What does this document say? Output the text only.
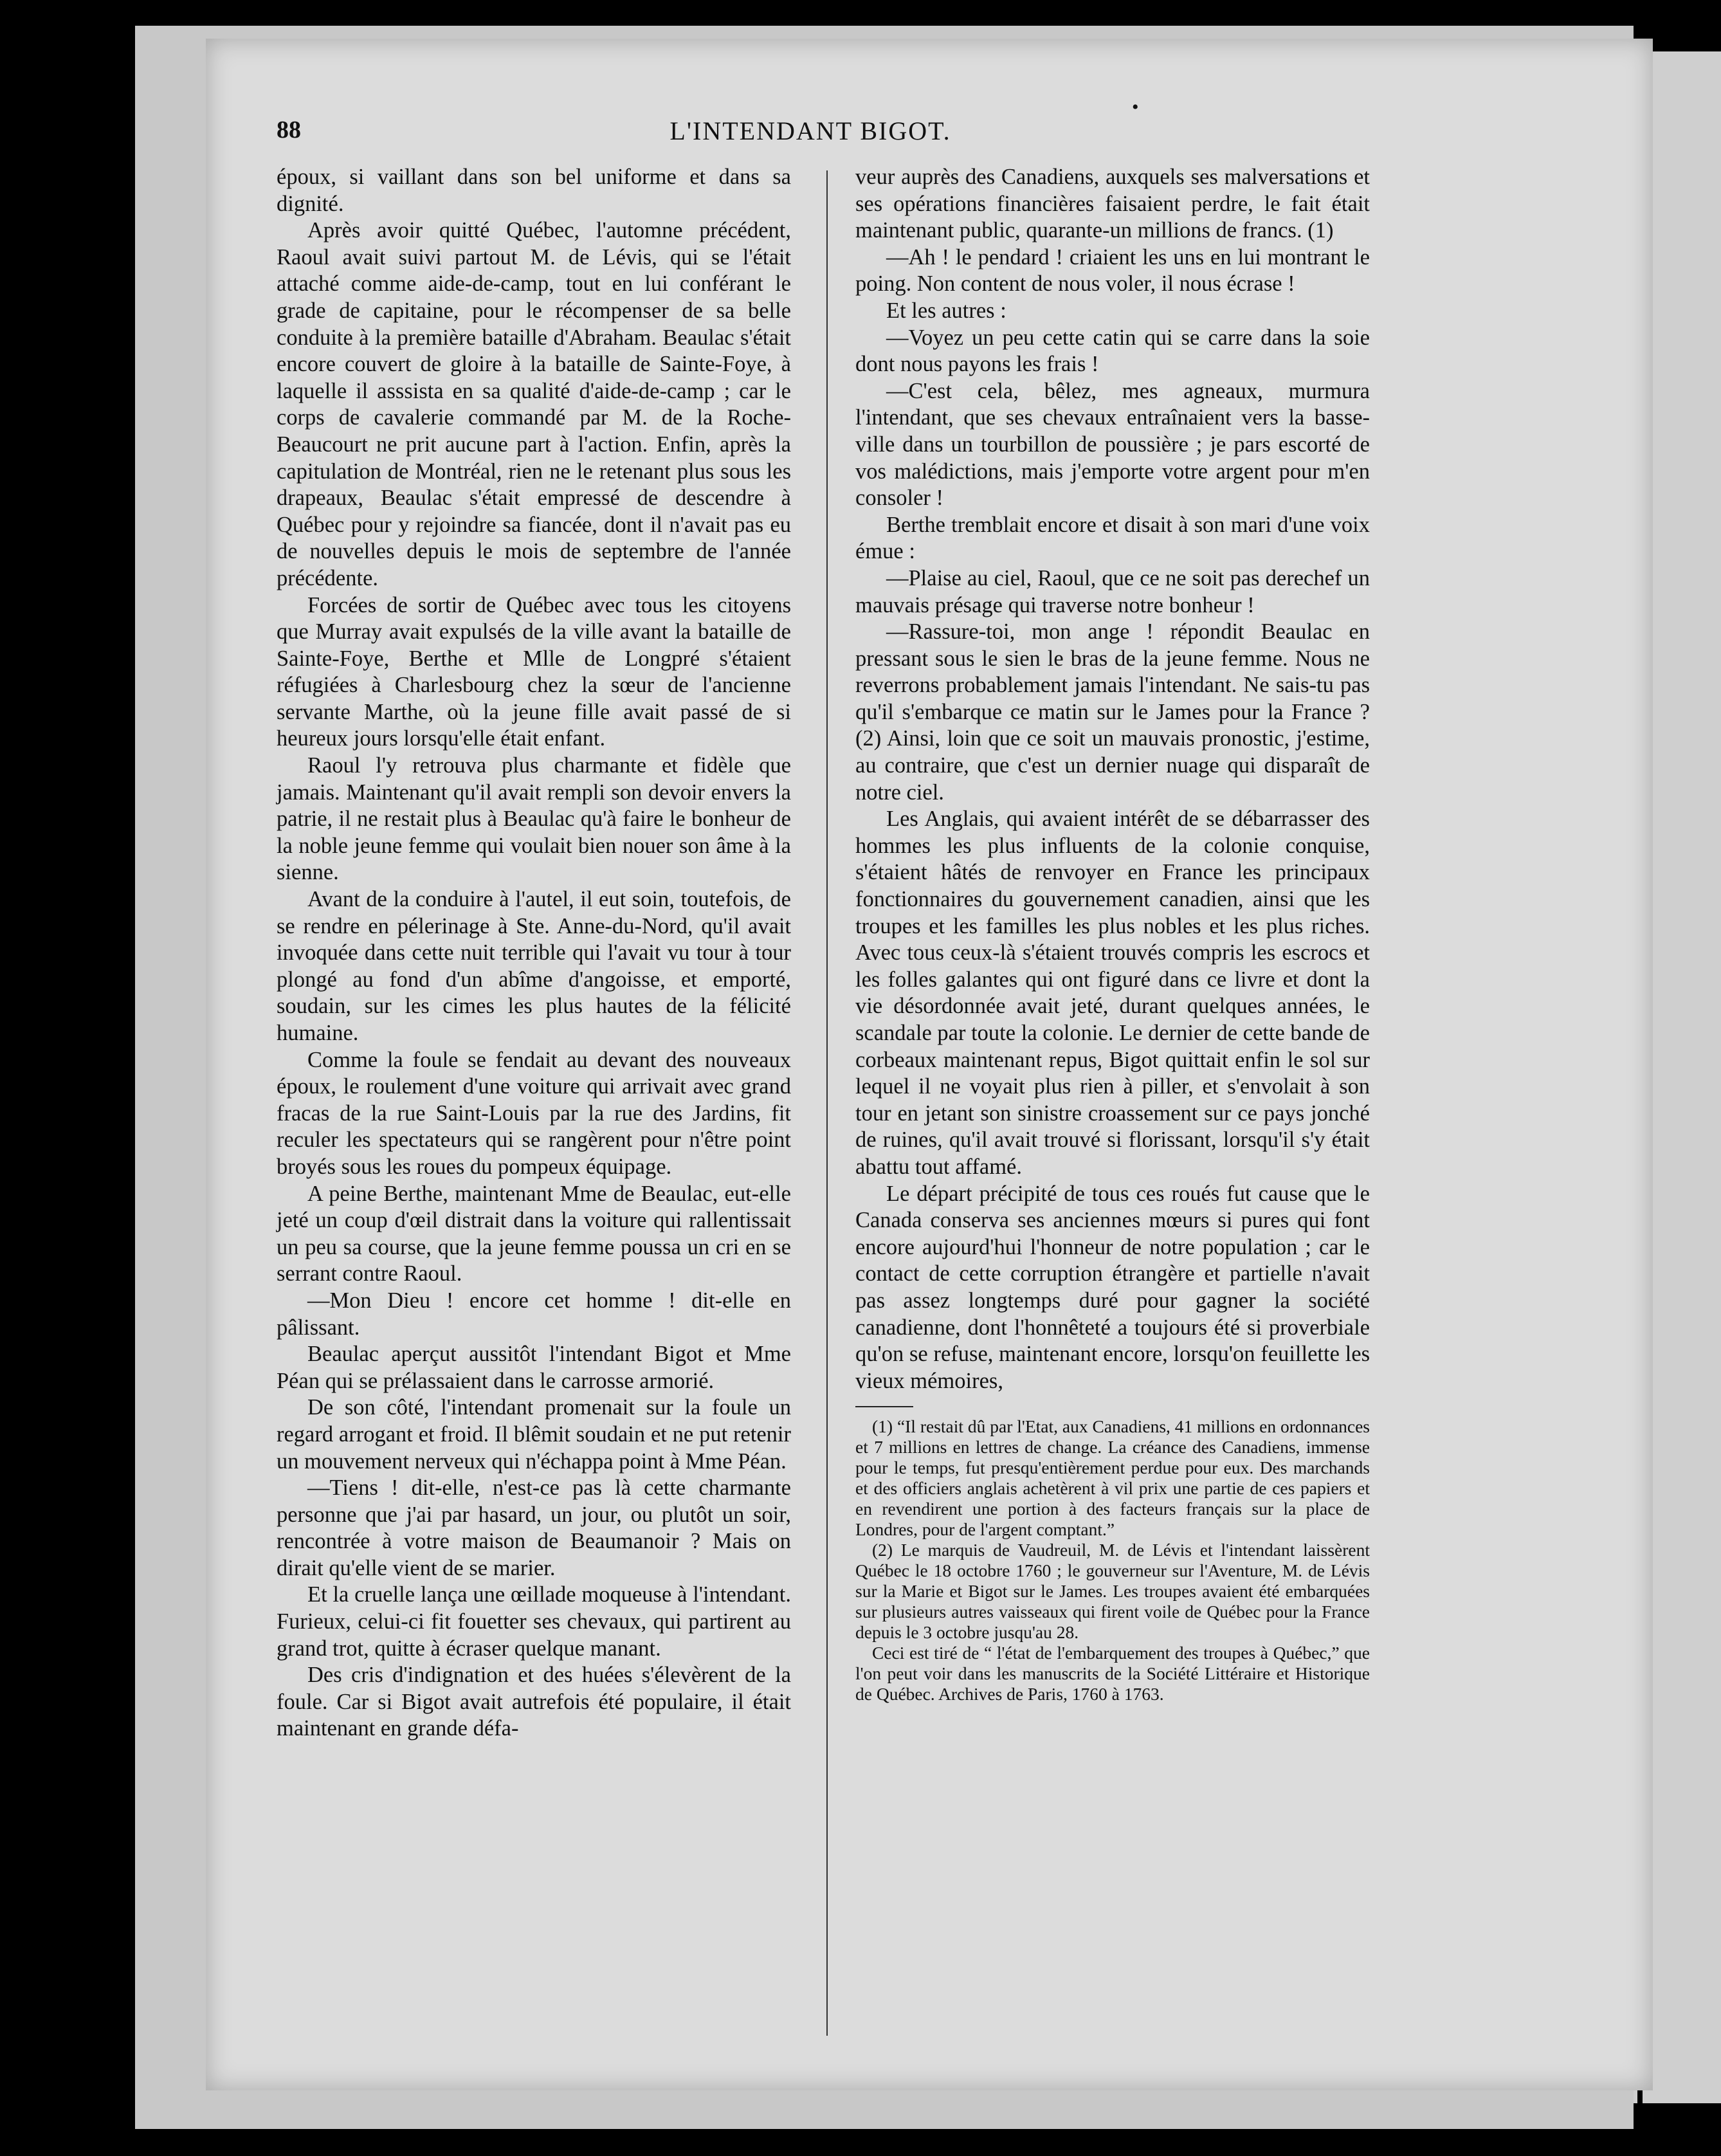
•
88	L'INTENDANT BIGOT.

époux, si vaillant dans son bel uniforme et dans sa dignité.

Après avoir quitté Québec, l'automne précédent, Raoul avait suivi partout M. de Lévis, qui se l'était attaché comme aide-de-camp, tout en lui conférant le grade de capitaine, pour le récompenser de sa belle conduite à la première bataille d'Abraham. Beaulac s'était encore couvert de gloire à la bataille de Sainte-Foye, à laquelle il asssista en sa qualité d'aide-de-camp ; car le corps de cavalerie commandé par M. de la Roche-Beaucourt ne prit aucune part à l'action. Enfin, après la capitulation de Montréal, rien ne le retenant plus sous les drapeaux, Beaulac s'était empressé de descendre à Québec pour y rejoindre sa fiancée, dont il n'avait pas eu de nouvelles depuis le mois de septembre de l'année précédente.

Forcées de sortir de Québec avec tous les citoyens que Murray avait expulsés de la ville avant la bataille de Sainte-Foye, Berthe et Mlle de Longpré s'étaient réfugiées à Charlesbourg chez la sœur de l'ancienne servante Marthe, où la jeune fille avait passé de si heureux jours lorsqu'elle était enfant.

Raoul l'y retrouva plus charmante et fidèle que jamais. Maintenant qu'il avait rempli son devoir envers la patrie, il ne restait plus à Beaulac qu'à faire le bonheur de la noble jeune femme qui voulait bien nouer son âme à la sienne.

Avant de la conduire à l'autel, il eut soin, toutefois, de se rendre en pélerinage à Ste. Anne-du-Nord, qu'il avait invoquée dans cette nuit terrible qui l'avait vu tour à tour plongé au fond d'un abîme d'angoisse, et emporté, soudain, sur les cimes les plus hautes de la félicité humaine.

Comme la foule se fendait au devant des nouveaux époux, le roulement d'une voiture qui arrivait avec grand fracas de la rue Saint-Louis par la rue des Jardins, fit reculer les spectateurs qui se rangèrent pour n'être point broyés sous les roues du pompeux équipage.

A peine Berthe, maintenant Mme de Beaulac, eut-elle jeté un coup d'œil distrait dans la voiture qui rallentissait un peu sa course, que la jeune femme poussa un cri en se serrant contre Raoul.

—Mon Dieu ! encore cet homme ! dit-elle en pâlissant.

Beaulac aperçut aussitôt l'intendant Bigot et Mme Péan qui se prélassaient dans le carrosse armorié.

De son côté, l'intendant promenait sur la foule un regard arrogant et froid. Il blêmit soudain et ne put retenir un mouvement nerveux qui n'échappa point à Mme Péan.

—Tiens ! dit-elle, n'est-ce pas là cette charmante personne que j'ai par hasard, un jour, ou plutôt un soir, rencontrée à votre maison de Beaumanoir ? Mais on dirait qu'elle vient de se marier.

Et la cruelle lança une œillade moqueuse à l'intendant. Furieux, celui-ci fit fouetter ses chevaux, qui partirent au grand trot, quitte à écraser quelque manant.

Des cris d'indignation et des huées s'élevèrent de la foule. Car si Bigot avait autrefois été populaire, il était maintenant en grande défa-

veur auprès des Canadiens, auxquels ses malversations et ses opérations financières faisaient perdre, le fait était maintenant public, quarante-un millions de francs. (1)

—Ah ! le pendard ! criaient les uns en lui montrant le poing. Non content de nous voler, il nous écrase !

Et les autres :

—Voyez un peu cette catin qui se carre dans la soie dont nous payons les frais !

—C'est cela, bêlez, mes agneaux, murmura l'intendant, que ses chevaux entraînaient vers la basse-ville dans un tourbillon de poussière ; je pars escorté de vos malédictions, mais j'emporte votre argent pour m'en consoler !

Berthe tremblait encore et disait à son mari d'une voix émue :

—Plaise au ciel, Raoul, que ce ne soit pas derechef un mauvais présage qui traverse notre bonheur !

—Rassure-toi, mon ange ! répondit Beaulac en pressant sous le sien le bras de la jeune femme. Nous ne reverrons probablement jamais l'intendant. Ne sais-tu pas qu'il s'embarque ce matin sur le James pour la France ? (2) Ainsi, loin que ce soit un mauvais pronostic, j'estime, au contraire, que c'est un dernier nuage qui disparaît de notre ciel.

Les Anglais, qui avaient intérêt de se débarrasser des hommes les plus influents de la colonie conquise, s'étaient hâtés de renvoyer en France les principaux fonctionnaires du gouvernement canadien, ainsi que les troupes et les familles les plus nobles et les plus riches. Avec tous ceux-là s'étaient trouvés compris les escrocs et les folles galantes qui ont figuré dans ce livre et dont la vie désordonnée avait jeté, durant quelques années, le scandale par toute la colonie. Le dernier de cette bande de corbeaux maintenant repus, Bigot quittait enfin le sol sur lequel il ne voyait plus rien à piller, et s'envolait à son tour en jetant son sinistre croassement sur ce pays jonché de ruines, qu'il avait trouvé si florissant, lorsqu'il s'y était abattu tout affamé.

Le départ précipité de tous ces roués fut cause que le Canada conserva ses anciennes mœurs si pures qui font encore aujourd'hui l'honneur de notre population ; car le contact de cette corruption étrangère et partielle n'avait pas assez longtemps duré pour gagner la société canadienne, dont l'honnêteté a toujours été si proverbiale qu'on se refuse, maintenant encore, lorsqu'on feuillette les vieux mémoires,

(1) “Il restait dû par l'Etat, aux Canadiens, 41 millions en ordonnances et 7 millions en lettres de change. La créance des Canadiens, immense pour le temps, fut presqu'entièrement perdue pour eux. Des marchands et des officiers anglais achetèrent à vil prix une partie de ces papiers et en revendirent une portion à des facteurs français sur la place de Londres, pour de l'argent comptant.”

(2) Le marquis de Vaudreuil, M. de Lévis et l'intendant laissèrent Québec le 18 octobre 1760 ; le gouverneur sur l'Aventure, M. de Lévis sur la Marie et Bigot sur le James. Les troupes avaient été embarquées sur plusieurs autres vaisseaux qui firent voile de Québec pour la France depuis le 3 octobre jusqu'au 28.

Ceci est tiré de “ l'état de l'embarquement des troupes à Québec,” que l'on peut voir dans les manuscrits de la Société Littéraire et Historique de Québec. Archives de Paris, 1760 à 1763.
